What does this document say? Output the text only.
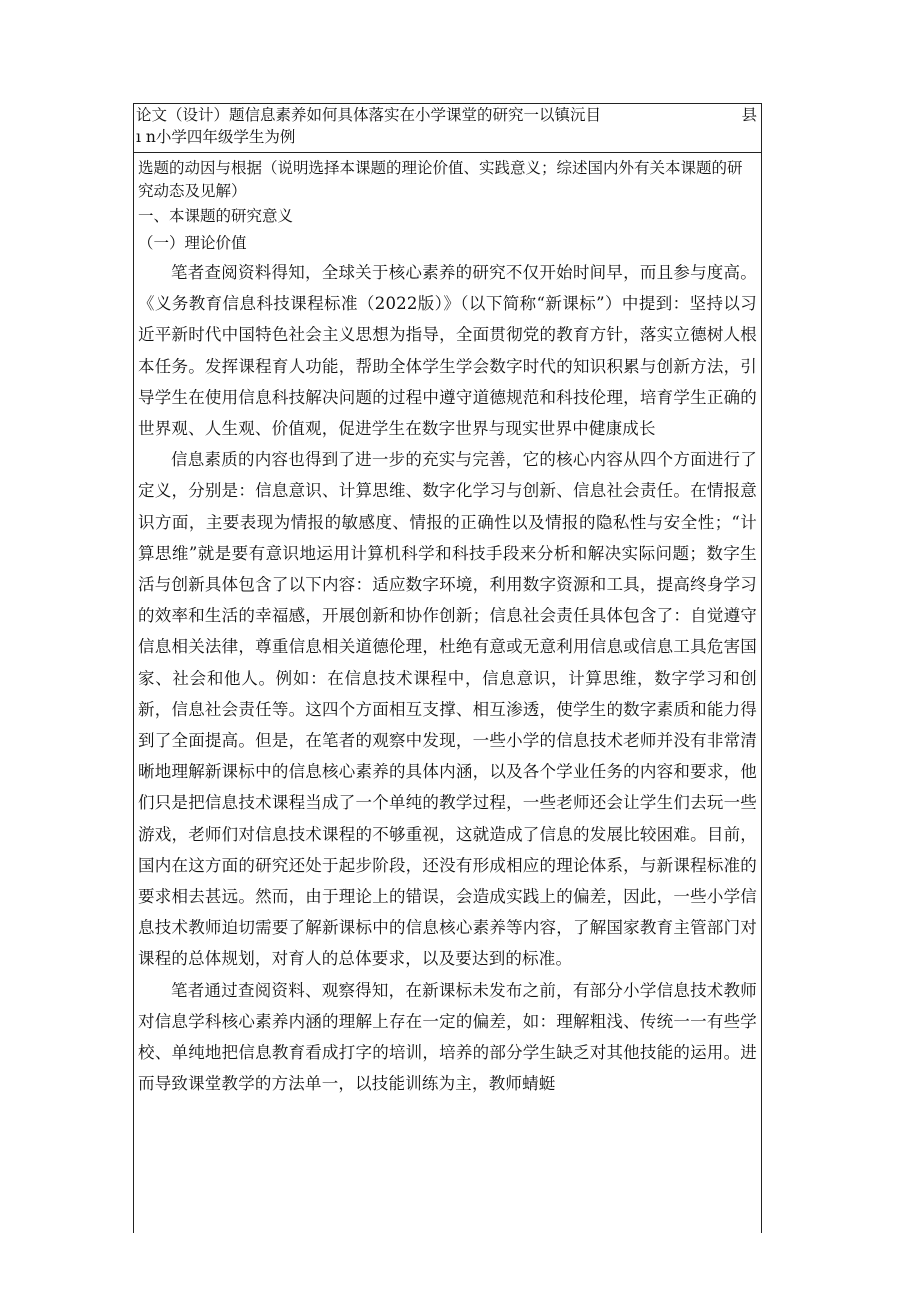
论文（设计）题信息素养如何具体落实在小学课堂的研究一以镇沅目	县
ı n小学四年级学生为例

选题的动因与根据（说明选择本课题的理论价值、实践意义；综述国内外有关本课题的研究动态及见解）

一、本课题的研究意义

（一）理论价值

笔者查阅资料得知，全球关于核心素养的研究不仅开始时间早，而且参与度高。《义务教育信息科技课程标准（2022版）》（以下简称“新课标”）中提到：坚持以习近平新时代中国特色社会主义思想为指导，全面贯彻党的教育方针，落实立德树人根本任务。发挥课程育人功能，帮助全体学生学会数字时代的知识积累与创新方法，引导学生在使用信息科技解决问题的过程中遵守道德规范和科技伦理，培育学生正确的世界观、人生观、价值观，促进学生在数字世界与现实世界中健康成长

信息素质的内容也得到了进一步的充实与完善，它的核心内容从四个方面进行了定义，分别是：信息意识、计算思维、数字化学习与创新、信息社会责任。在情报意识方面，主要表现为情报的敏感度、情报的正确性以及情报的隐私性与安全性；“计算思维”就是要有意识地运用计算机科学和科技手段来分析和解决实际问题；数字生活与创新具体包含了以下内容：适应数字环境，利用数字资源和工具，提高终身学习的效率和生活的幸福感，开展创新和协作创新；信息社会责任具体包含了：自觉遵守信息相关法律，尊重信息相关道德伦理，杜绝有意或无意利用信息或信息工具危害国家、社会和他人。例如：在信息技术课程中，信息意识，计算思维，数字学习和创新，信息社会责任等。这四个方面相互支撑、相互渗透，使学生的数字素质和能力得到了全面提高。但是，在笔者的观察中发现，一些小学的信息技术老师并没有非常清晰地理解新课标中的信息核心素养的具体内涵，以及各个学业任务的内容和要求，他们只是把信息技术课程当成了一个单纯的教学过程，一些老师还会让学生们去玩一些游戏，老师们对信息技术课程的不够重视，这就造成了信息的发展比较困难。目前，国内在这方面的研究还处于起步阶段，还没有形成相应的理论体系，与新课程标准的要求相去甚远。然而，由于理论上的错误，会造成实践上的偏差，因此，一些小学信息技术教师迫切需要了解新课标中的信息核心素养等内容，了解国家教育主管部门对课程的总体规划，对育人的总体要求，以及要达到的标准。

笔者通过查阅资料、观察得知，在新课标未发布之前，有部分小学信息技术教师对信息学科核心素养内涵的理解上存在一定的偏差，如：理解粗浅、传统一一有些学校、单纯地把信息教育看成打字的培训，培养的部分学生缺乏对其他技能的运用。进而导致课堂教学的方法单一，以技能训练为主，教师蜻蜓
